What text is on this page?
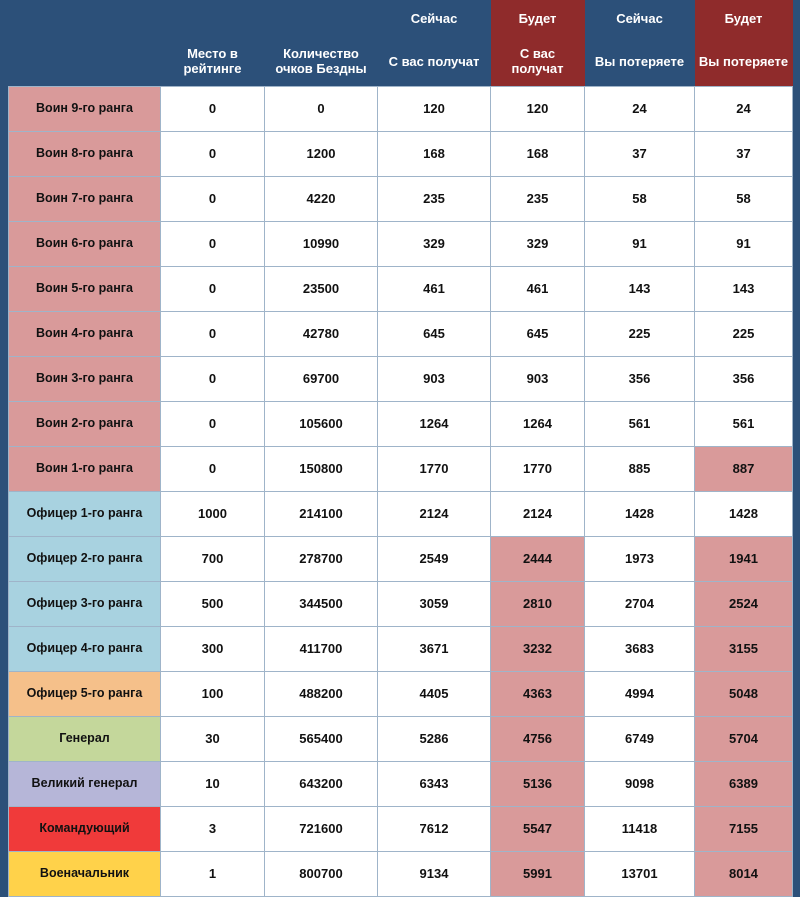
			Сейчас	Будет	Сейчас	Будет
	Место в рейтинге	Количество очков Бездны	С вас получат	С вас получат	Вы потеряете	Вы потеряете
Воин 9-го ранга	0	0	120	120	24	24
Воин 8-го ранга	0	1200	168	168	37	37
Воин 7-го ранга	0	4220	235	235	58	58
Воин 6-го ранга	0	10990	329	329	91	91
Воин 5-го ранга	0	23500	461	461	143	143
Воин 4-го ранга	0	42780	645	645	225	225
Воин 3-го ранга	0	69700	903	903	356	356
Воин 2-го ранга	0	105600	1264	1264	561	561
Воин 1-го ранга	0	150800	1770	1770	885	887
Офицер 1-го ранга	1000	214100	2124	2124	1428	1428
Офицер 2-го ранга	700	278700	2549	2444	1973	1941
Офицер 3-го ранга	500	344500	3059	2810	2704	2524
Офицер 4-го ранга	300	411700	3671	3232	3683	3155
Офицер 5-го ранга	100	488200	4405	4363	4994	5048
Генерал	30	565400	5286	4756	6749	5704
Великий генерал	10	643200	6343	5136	9098	6389
Командующий	3	721600	7612	5547	11418	7155
Военачальник	1	800700	9134	5991	13701	8014
